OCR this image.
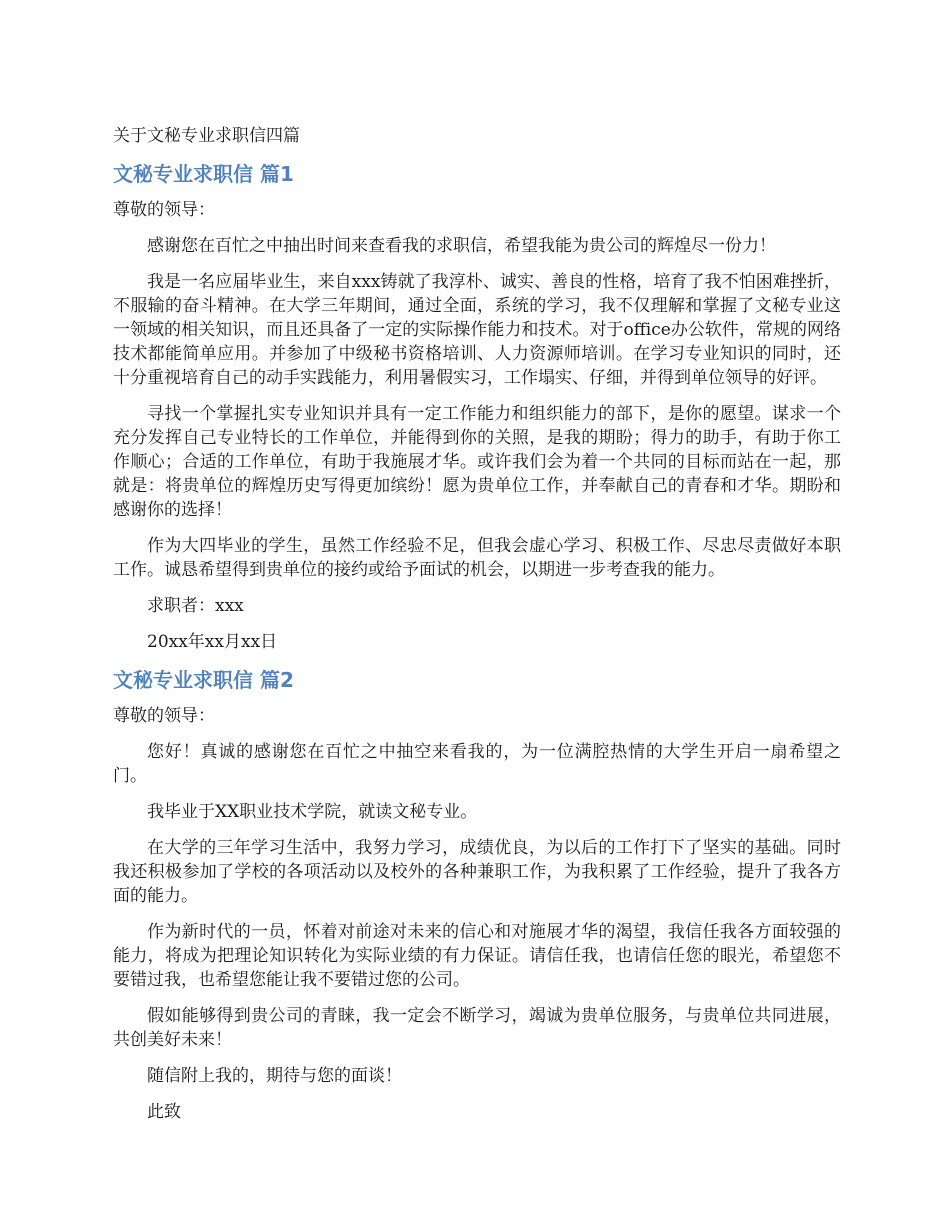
关于文秘专业求职信四篇

文秘专业求职信 篇1

尊敬的领导：

感谢您在百忙之中抽出时间来查看我的求职信，希望我能为贵公司的辉煌尽一份力！

我是一名应届毕业生，来自xxx铸就了我淳朴、诚实、善良的性格，培育了我不怕困难挫折，不服输的奋斗精神。在大学三年期间，通过全面，系统的学习，我不仅理解和掌握了文秘专业这一领域的相关知识，而且还具备了一定的实际操作能力和技术。对于office办公软件，常规的网络技术都能简单应用。并参加了中级秘书资格培训、人力资源师培训。在学习专业知识的同时，还十分重视培育自己的动手实践能力，利用暑假实习，工作塌实、仔细，并得到单位领导的好评。

寻找一个掌握扎实专业知识并具有一定工作能力和组织能力的部下，是你的愿望。谋求一个充分发挥自己专业特长的工作单位，并能得到你的关照，是我的期盼；得力的助手，有助于你工作顺心；合适的工作单位，有助于我施展才华。或许我们会为着一个共同的目标而站在一起，那就是：将贵单位的辉煌历史写得更加缤纷！愿为贵单位工作，并奉献自己的青春和才华。期盼和感谢你的选择！

作为大四毕业的学生，虽然工作经验不足，但我会虚心学习、积极工作、尽忠尽责做好本职工作。诚恳希望得到贵单位的接约或给予面试的机会，以期进一步考查我的能力。

求职者：xxx

20xx年xx月xx日

文秘专业求职信 篇2

尊敬的领导：

您好！真诚的感谢您在百忙之中抽空来看我的，为一位满腔热情的大学生开启一扇希望之门。

我毕业于XX职业技术学院，就读文秘专业。

在大学的三年学习生活中，我努力学习，成绩优良，为以后的工作打下了坚实的基础。同时我还积极参加了学校的各项活动以及校外的各种兼职工作，为我积累了工作经验，提升了我各方面的能力。

作为新时代的一员，怀着对前途对未来的信心和对施展才华的渴望，我信任我各方面较强的能力，将成为把理论知识转化为实际业绩的有力保证。请信任我，也请信任您的眼光，希望您不要错过我，也希望您能让我不要错过您的公司。

假如能够得到贵公司的青睐，我一定会不断学习，竭诚为贵单位服务，与贵单位共同进展，共创美好未来！

随信附上我的，期待与您的面谈！

此致
